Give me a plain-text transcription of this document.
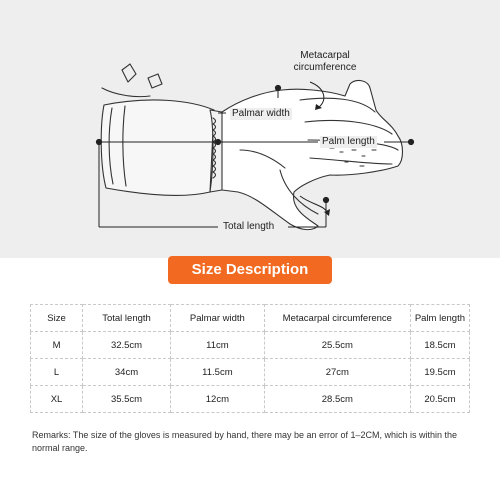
Metacarpal circumference
Palmar width
Palm length
Total length
Size Description
Size	Total length	Palmar width	Metacarpal circumference	Palm length
M	32.5cm	11cm	25.5cm	18.5cm
L	34cm	11.5cm	27cm	19.5cm
XL	35.5cm	12cm	28.5cm	20.5cm
Remarks: The size of the gloves is measured by hand, there may be an error of 1–2CM, which is within the normal range.
